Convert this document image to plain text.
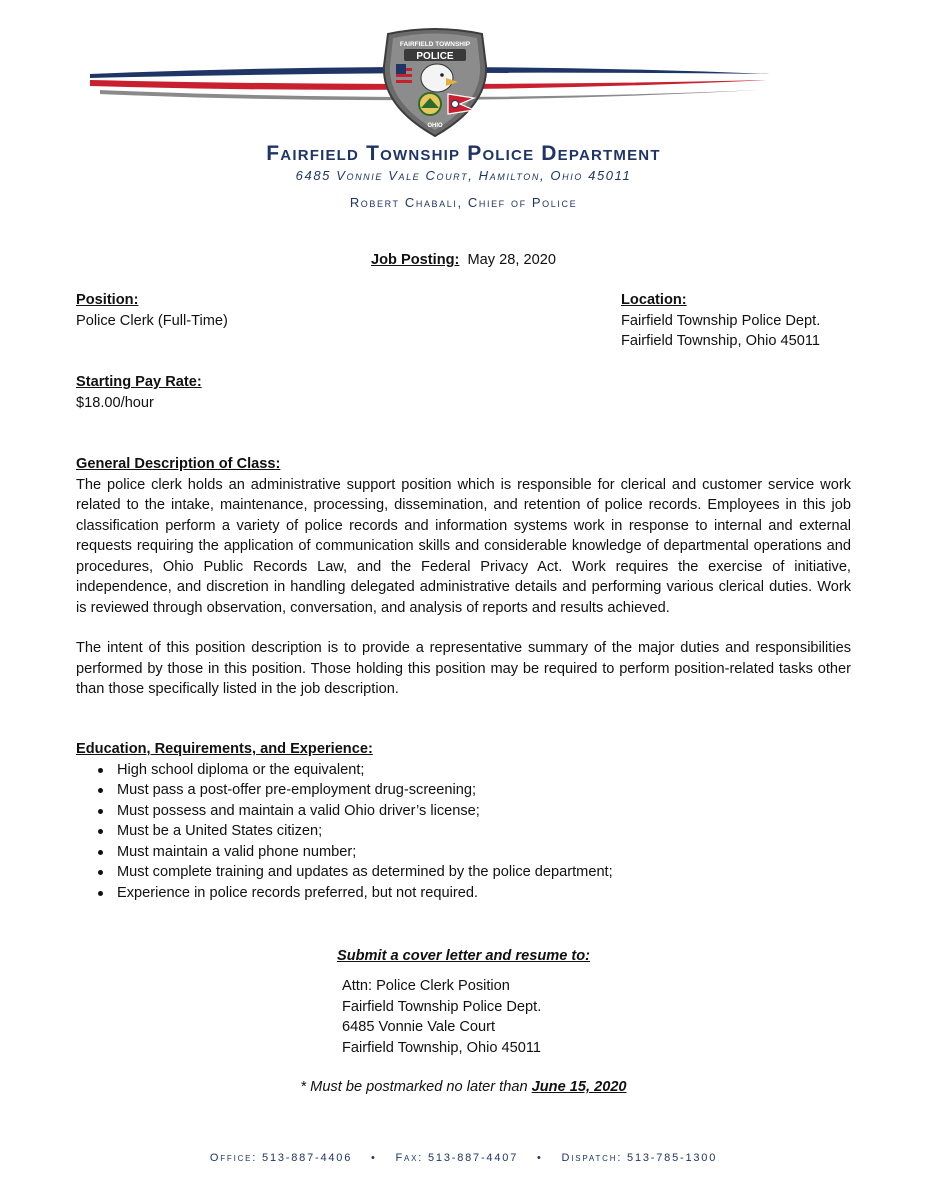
FAIRFIELD TOWNSHIP
POLICE
OHIO
Fairfield Township Police Department
6485 Vonnie Vale Court, Hamilton, Ohio 45011
Robert Chabali, Chief of Police
Job Posting: May 28, 2020
Position:
Police Clerk (Full-Time)
Location:
Fairfield Township Police Dept.
Fairfield Township, Ohio 45011
Starting Pay Rate:
$18.00/hour
General Description of Class:

The police clerk holds an administrative support position which is responsible for clerical and customer service work related to the intake, maintenance, processing, dissemination, and retention of police records. Employees in this job classification perform a variety of police records and information systems work in response to internal and external requests requiring the application of communication skills and considerable knowledge of departmental operations and procedures, Ohio Public Records Law, and the Federal Privacy Act. Work requires the exercise of initiative, independence, and discretion in handling delegated administrative details and performing various clerical duties. Work is reviewed through observation, conversation, and analysis of reports and results achieved.

The intent of this position description is to provide a representative summary of the major duties and responsibilities performed by those in this position. Those holding this position may be required to perform position-related tasks other than those specifically listed in the job description.

Education, Requirements, and Experience:
High school diploma or the equivalent;
Must pass a post-offer pre-employment drug-screening;
Must possess and maintain a valid Ohio driver’s license;
Must be a United States citizen;
Must maintain a valid phone number;
Must complete training and updates as determined by the police department;
Experience in police records preferred, but not required.
Submit a cover letter and resume to:
Attn: Police Clerk Position
Fairfield Township Police Dept.
6485 Vonnie Vale Court
Fairfield Township, Ohio 45011
* Must be postmarked no later than June 15, 2020
Office: 513-887-4406 • Fax: 513-887-4407 • Dispatch: 513-785-1300
